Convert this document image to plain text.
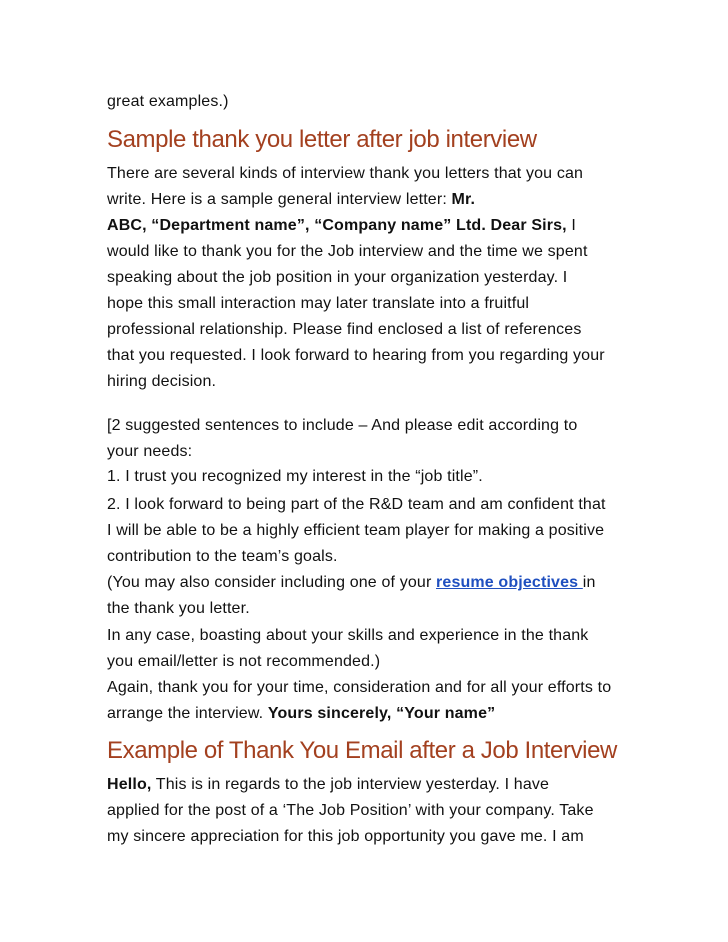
great examples.)
Sample thank you letter after job interview
There are several kinds of interview thank you letters that you can
write. Here is a sample general interview letter: Mr.
ABC, “Department name”, “Company name” Ltd. Dear Sirs, I
would like to thank you for the Job interview and the time we spent
speaking about the job position in your organization yesterday. I
hope this small interaction may later translate into a fruitful
professional relationship. Please find enclosed a list of references
that you requested. I look forward to hearing from you regarding your
hiring decision.
[2 suggested sentences to include – And please edit according to
your needs:
1. I trust you recognized my interest in the “job title”.
2. I look forward to being part of the R&D team and am confident that
I will be able to be a highly efficient team player for making a positive
contribution to the team’s goals.
(You may also consider including one of your resume objectives in
the thank you letter.
In any case, boasting about your skills and experience in the thank
you email/letter is not recommended.)
Again, thank you for your time, consideration and for all your efforts to
arrange the interview. Yours sincerely, “Your name”
Example of Thank You Email after a Job Interview
Hello, This is in regards to the job interview yesterday. I have
applied for the post of a ‘The Job Position’ with your company. Take
my sincere appreciation for this job opportunity you gave me. I am
